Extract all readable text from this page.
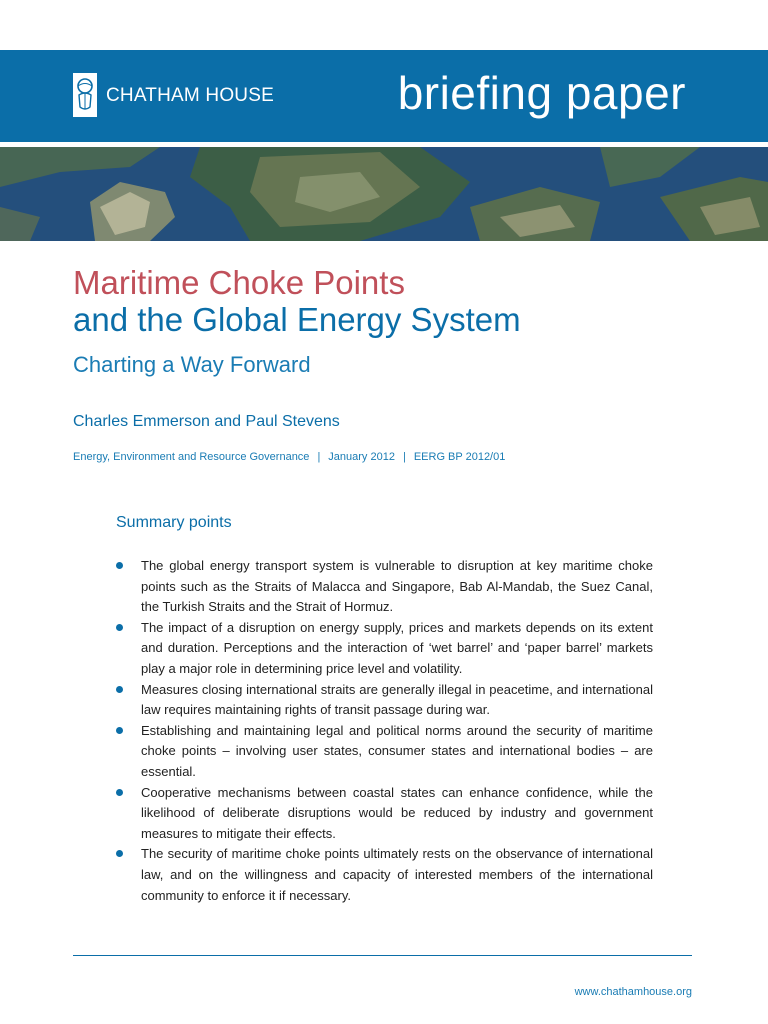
CHATHAM HOUSE	briefing paper
Maritime Choke Points
and the Global Energy System
Charting a Way Forward
Charles Emmerson and Paul Stevens
Energy, Environment and Resource Governance | January 2012 | EERG BP 2012/01
Summary points
The global energy transport system is vulnerable to disruption at key maritime choke points such as the Straits of Malacca and Singapore, Bab Al-Mandab, the Suez Canal, the Turkish Straits and the Strait of Hormuz.
The impact of a disruption on energy supply, prices and markets depends on its extent and duration. Perceptions and the interaction of ‘wet barrel’ and ‘paper barrel’ markets play a major role in determining price level and volatility.
Measures closing international straits are generally illegal in peacetime, and international law requires maintaining rights of transit passage during war.
Establishing and maintaining legal and political norms around the security of maritime choke points – involving user states, consumer states and international bodies – are essential.
Cooperative mechanisms between coastal states can enhance confidence, while the likelihood of deliberate disruptions would be reduced by industry and government measures to mitigate their effects.
The security of maritime choke points ultimately rests on the observance of international law, and on the willingness and capacity of interested members of the international community to enforce it if necessary.
www.chathamhouse.org
